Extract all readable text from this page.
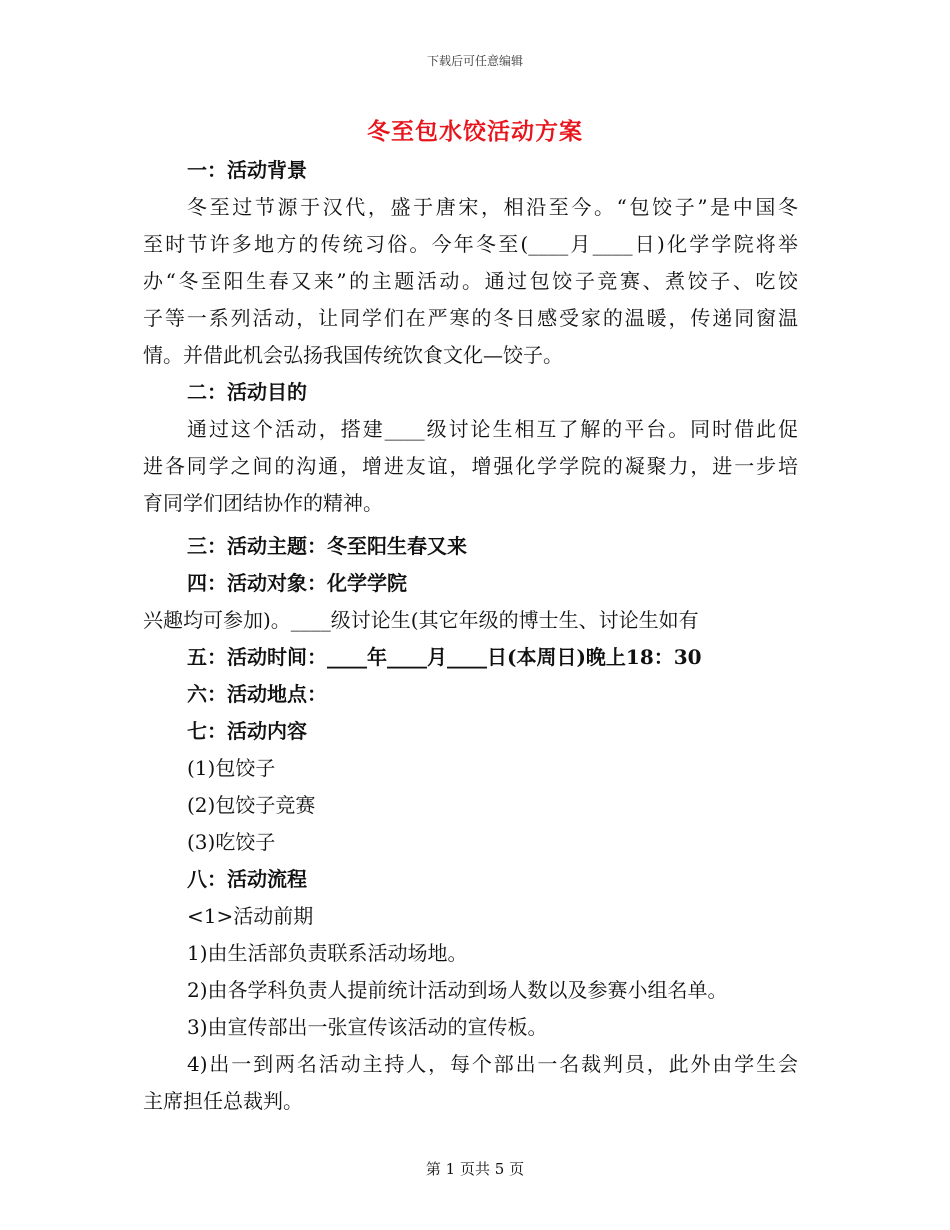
下载后可任意编辑
冬至包水饺活动方案
一：活动背景
冬至过节源于汉代，盛于唐宋，相沿至今。“包饺子”是中国冬
至时节许多地方的传统习俗。今年冬至(____月____日)化学学院将举
办“冬至阳生春又来”的主题活动。通过包饺子竞赛、煮饺子、吃饺
子等一系列活动，让同学们在严寒的冬日感受家的温暖，传递同窗温
情。并借此机会弘扬我国传统饮食文化—饺子。
二：活动目的
通过这个活动，搭建____级讨论生相互了解的平台。同时借此促
进各同学之间的沟通，增进友谊，增强化学学院的凝聚力，进一步培
育同学们团结协作的精神。
三：活动主题：冬至阳生春又来
四：活动对象：化学学院
兴趣均可参加)。____级讨论生(其它年级的博士生、讨论生如有
五：活动时间：____年____月____日(本周日)晚上18：30
六：活动地点：
七：活动内容
(1)包饺子
(2)包饺子竞赛
(3)吃饺子
八：活动流程
<1>活动前期
1)由生活部负责联系活动场地。
2)由各学科负责人提前统计活动到场人数以及参赛小组名单。
3)由宣传部出一张宣传该活动的宣传板。
4)出一到两名活动主持人，每个部出一名裁判员，此外由学生会
主席担任总裁判。
第 1 页共 5 页
